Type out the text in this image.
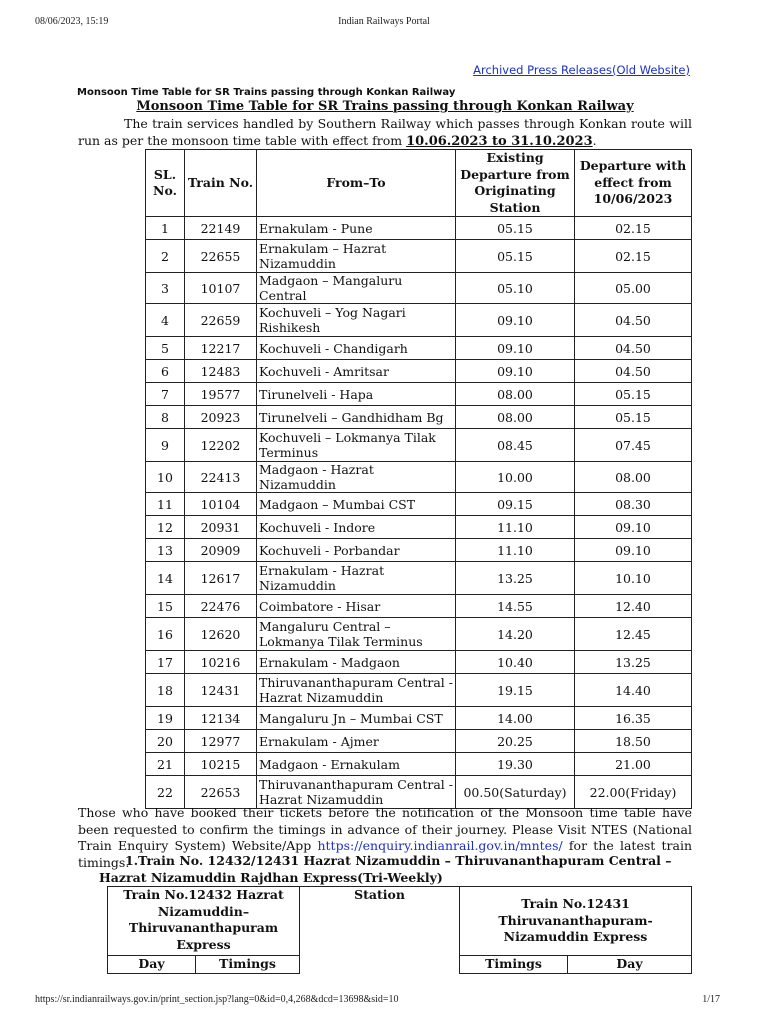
08/06/2023, 15:19	Indian Railways Portal
Archived Press Releases(Old Website)
Monsoon Time Table for SR Trains passing through Konkan Railway
Monsoon Time Table for SR Trains passing through Konkan Railway
The train services handled by Southern Railway which passes through Konkan route will run as per the monsoon time table with effect from 10.06.2023 to 31.10.2023.
SL. No.	Train No.	From–To	Existing Departure from Originating Station	Departure with effect from 10/06/2023
1	22149	Ernakulam - Pune	05.15	02.15
2	22655	Ernakulam – Hazrat Nizamuddin	05.15	02.15
3	10107	Madgaon – Mangaluru Central	05.10	05.00
4	22659	Kochuveli – Yog Nagari Rishikesh	09.10	04.50
5	12217	Kochuveli - Chandigarh	09.10	04.50
6	12483	Kochuveli - Amritsar	09.10	04.50
7	19577	Tirunelveli - Hapa	08.00	05.15
8	20923	Tirunelveli – Gandhidham Bg	08.00	05.15
9	12202	Kochuveli – Lokmanya Tilak Terminus	08.45	07.45
10	22413	Madgaon - Hazrat Nizamuddin	10.00	08.00
11	10104	Madgaon – Mumbai CST	09.15	08.30
12	20931	Kochuveli - Indore	11.10	09.10
13	20909	Kochuveli - Porbandar	11.10	09.10
14	12617	Ernakulam - Hazrat Nizamuddin	13.25	10.10
15	22476	Coimbatore - Hisar	14.55	12.40
16	12620	Mangaluru Central –Lokmanya Tilak Terminus	14.20	12.45
17	10216	Ernakulam - Madgaon	10.40	13.25
18	12431	Thiruvananthapuram Central - Hazrat Nizamuddin	19.15	14.40
19	12134	Mangaluru Jn – Mumbai CST	14.00	16.35
20	12977	Ernakulam - Ajmer	20.25	18.50
21	10215	Madgaon - Ernakulam	19.30	21.00
22	22653	Thiruvananthapuram Central - Hazrat Nizamuddin	00.50(Saturday)	22.00(Friday)
Those who have booked their tickets before the notification of the Monsoon time table have been requested to confirm the timings in advance of their journey. Please Visit NTES (National Train Enquiry System) Website/App https://enquiry.indianrail.gov.in/mntes/ for the latest train timings.
1.Train No. 12432/12431 Hazrat Nizamuddin – Thiruvananthapuram Central –
Hazrat Nizamuddin Rajdhan Express(Tri-Weekly)
Train No.12432 Hazrat Nizamuddin– Thiruvananthapuram Express		Station	Train No.12431 Thiruvananthapuram-Nizamuddin Express	
Day	Timings		Timings	Day
https://sr.indianrailways.gov.in/print_section.jsp?lang=0&id=0,4,268&dcd=13698&sid=10	1/17
